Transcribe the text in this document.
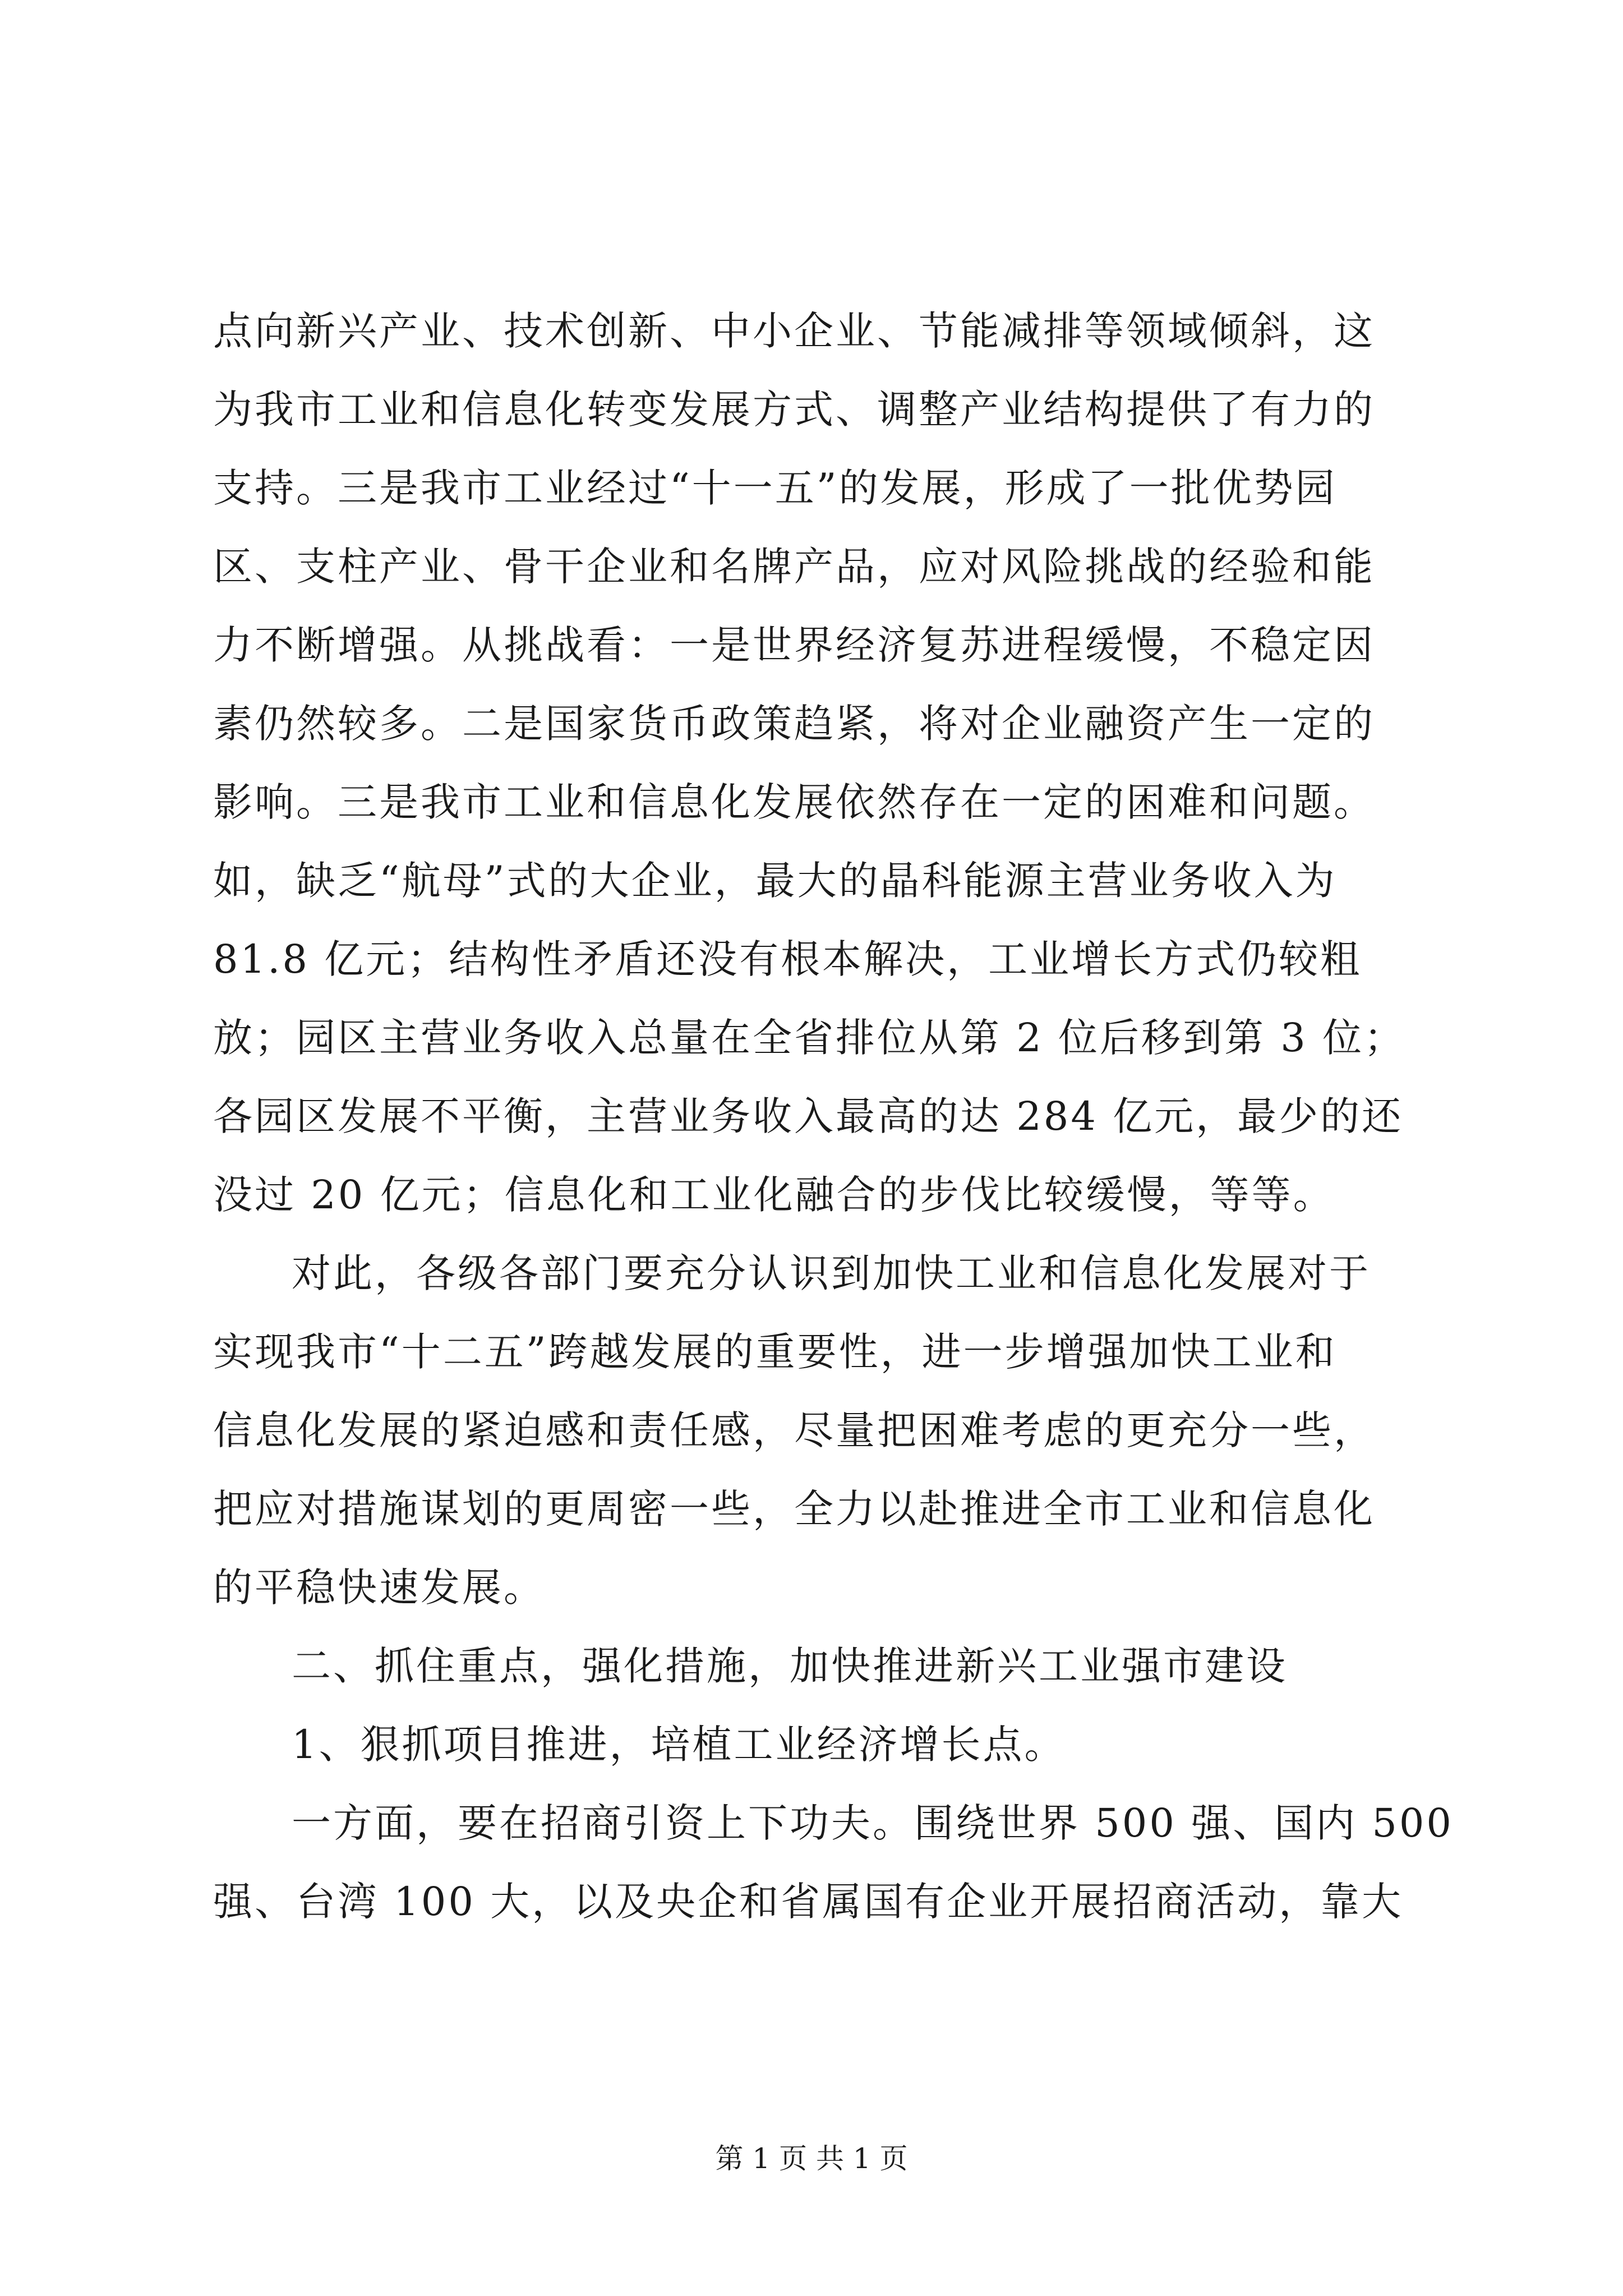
点向新兴产业、技术创新、中小企业、节能减排等领域倾斜，这
为我市工业和信息化转变发展方式、调整产业结构提供了有力的
支持。三是我市工业经过“十一五”的发展，形成了一批优势园
区、支柱产业、骨干企业和名牌产品，应对风险挑战的经验和能
力不断增强。从挑战看：一是世界经济复苏进程缓慢，不稳定因
素仍然较多。二是国家货币政策趋紧，将对企业融资产生一定的
影响。三是我市工业和信息化发展依然存在一定的困难和问题。
如，缺乏“航母”式的大企业，最大的晶科能源主营业务收入为
81.8 亿元；结构性矛盾还没有根本解决，工业增长方式仍较粗
放；园区主营业务收入总量在全省排位从第 2 位后移到第 3 位；
各园区发展不平衡，主营业务收入最高的达 284 亿元，最少的还
没过 20 亿元；信息化和工业化融合的步伐比较缓慢，等等。
对此，各级各部门要充分认识到加快工业和信息化发展对于
实现我市“十二五”跨越发展的重要性，进一步增强加快工业和
信息化发展的紧迫感和责任感，尽量把困难考虑的更充分一些，
把应对措施谋划的更周密一些，全力以赴推进全市工业和信息化
的平稳快速发展。
二、抓住重点，强化措施，加快推进新兴工业强市建设
1、狠抓项目推进，培植工业经济增长点。
一方面，要在招商引资上下功夫。围绕世界 500 强、国内 500
强、台湾 100 大，以及央企和省属国有企业开展招商活动，靠大
第 1 页 共 1 页
